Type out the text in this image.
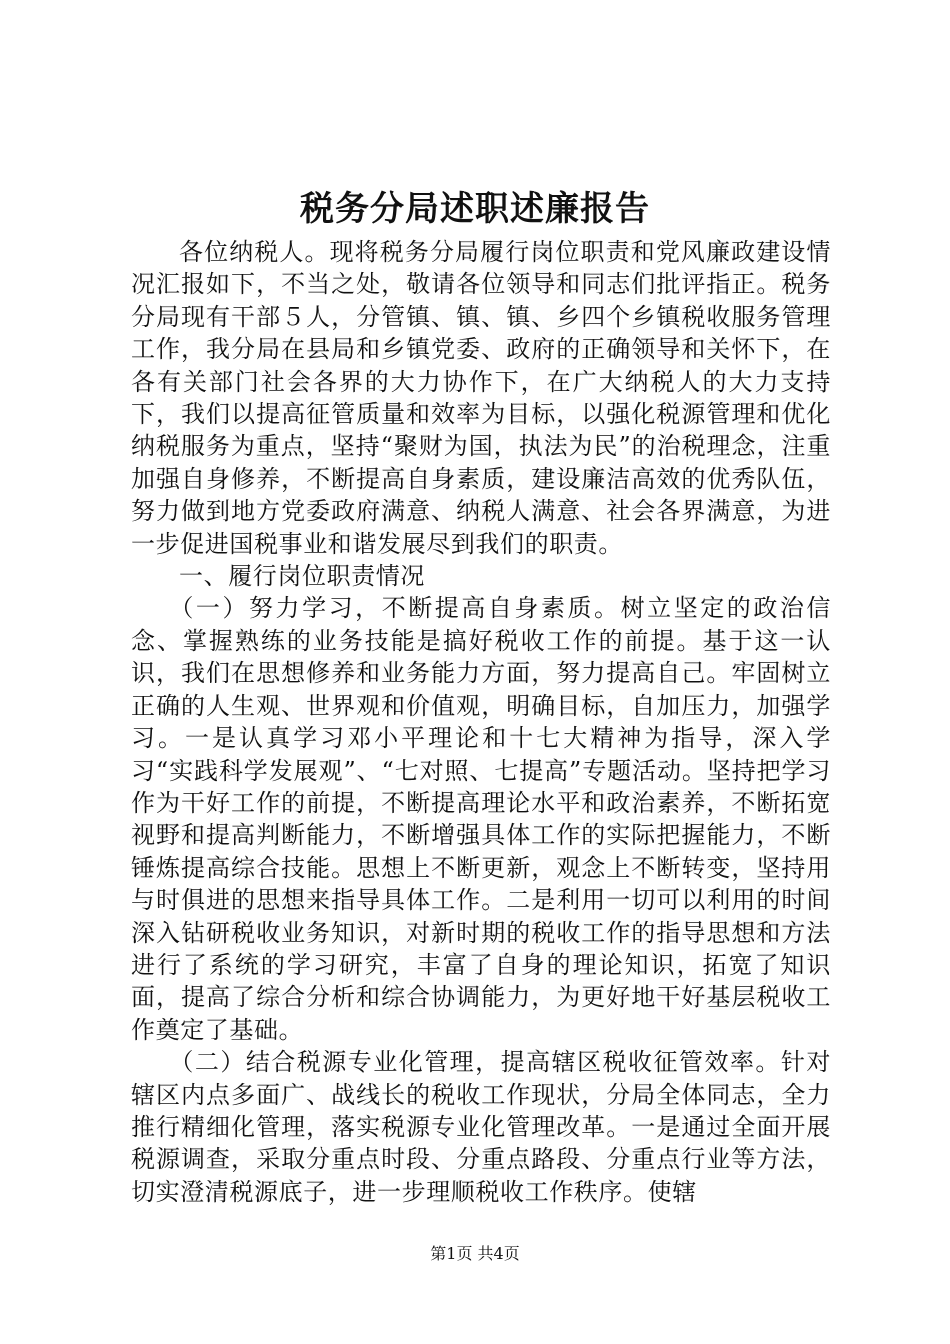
税务分局述职述廉报告

各位纳税人。现将税务分局履行岗位职责和党风廉政建设情况汇报如下，不当之处，敬请各位领导和同志们批评指正。税务分局现有干部５人，分管镇、镇、镇、乡四个乡镇税收服务管理工作，我分局在县局和乡镇党委、政府的正确领导和关怀下，在各有关部门社会各界的大力协作下，在广大纳税人的大力支持下，我们以提高征管质量和效率为目标，以强化税源管理和优化纳税服务为重点，坚持“聚财为国，执法为民”的治税理念，注重加强自身修养，不断提高自身素质，建设廉洁高效的优秀队伍，努力做到地方党委政府满意、纳税人满意、社会各界满意，为进一步促进国税事业和谐发展尽到我们的职责。

一、履行岗位职责情况

（一）努力学习，不断提高自身素质。树立坚定的政治信念、掌握熟练的业务技能是搞好税收工作的前提。基于这一认识，我们在思想修养和业务能力方面，努力提高自己。牢固树立正确的人生观、世界观和价值观，明确目标，自加压力，加强学习。一是认真学习邓小平理论和十七大精神为指导，深入学习“实践科学发展观”、“七对照、七提高”专题活动。坚持把学习作为干好工作的前提，不断提高理论水平和政治素养，不断拓宽视野和提高判断能力，不断增强具体工作的实际把握能力，不断锤炼提高综合技能。思想上不断更新，观念上不断转变，坚持用与时俱进的思想来指导具体工作。二是利用一切可以利用的时间深入钻研税收业务知识，对新时期的税收工作的指导思想和方法进行了系统的学习研究，丰富了自身的理论知识，拓宽了知识面，提高了综合分析和综合协调能力，为更好地干好基层税收工作奠定了基础。

（二）结合税源专业化管理，提高辖区税收征管效率。针对辖区内点多面广、战线长的税收工作现状，分局全体同志，全力推行精细化管理，落实税源专业化管理改革。一是通过全面开展税源调查，采取分重点时段、分重点路段、分重点行业等方法，切实澄清税源底子，进一步理顺税收工作秩序。使辖

第1页 共4页
